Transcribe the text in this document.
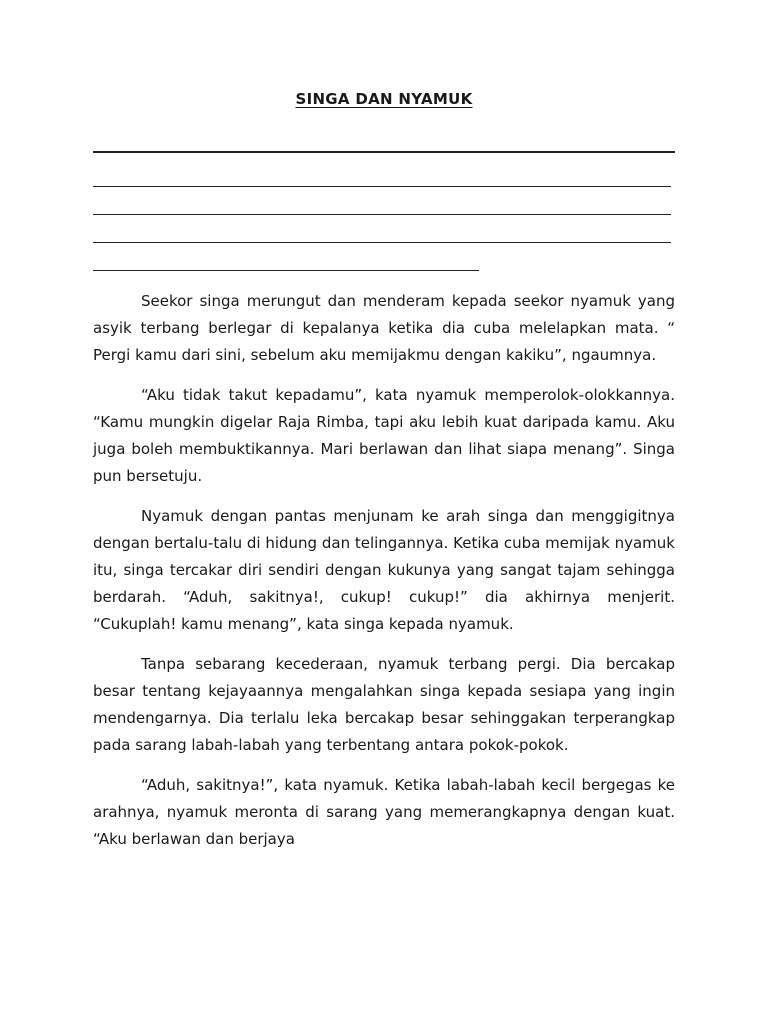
SINGA DAN NYAMUK

Seekor singa merungut dan menderam kepada seekor nyamuk yang asyik terbang berlegar di kepalanya ketika dia cuba melelapkan mata. “ Pergi kamu dari sini, sebelum aku memijakmu dengan kakiku”, ngaumnya.

“Aku tidak takut kepadamu”, kata nyamuk memperolok-olokkannya. “Kamu mungkin digelar Raja Rimba, tapi aku lebih kuat daripada kamu. Aku juga boleh membuktikannya. Mari berlawan dan lihat siapa menang”. Singa pun bersetuju.

Nyamuk dengan pantas menjunam ke arah singa dan menggigitnya dengan bertalu-talu di hidung dan telingannya. Ketika cuba memijak nyamuk itu, singa tercakar diri sendiri dengan kukunya yang sangat tajam sehingga berdarah. “Aduh, sakitnya!, cukup! cukup!” dia akhirnya menjerit. “Cukuplah! kamu menang”, kata singa kepada nyamuk.

Tanpa sebarang kecederaan, nyamuk terbang pergi. Dia bercakap besar tentang kejayaannya mengalahkan singa kepada sesiapa yang ingin mendengarnya. Dia terlalu leka bercakap besar sehinggakan terperangkap pada sarang labah-labah yang terbentang antara pokok-pokok.

“Aduh, sakitnya!”, kata nyamuk. Ketika labah-labah kecil bergegas ke arahnya, nyamuk meronta di sarang yang memerangkapnya dengan kuat. “Aku berlawan dan berjaya
